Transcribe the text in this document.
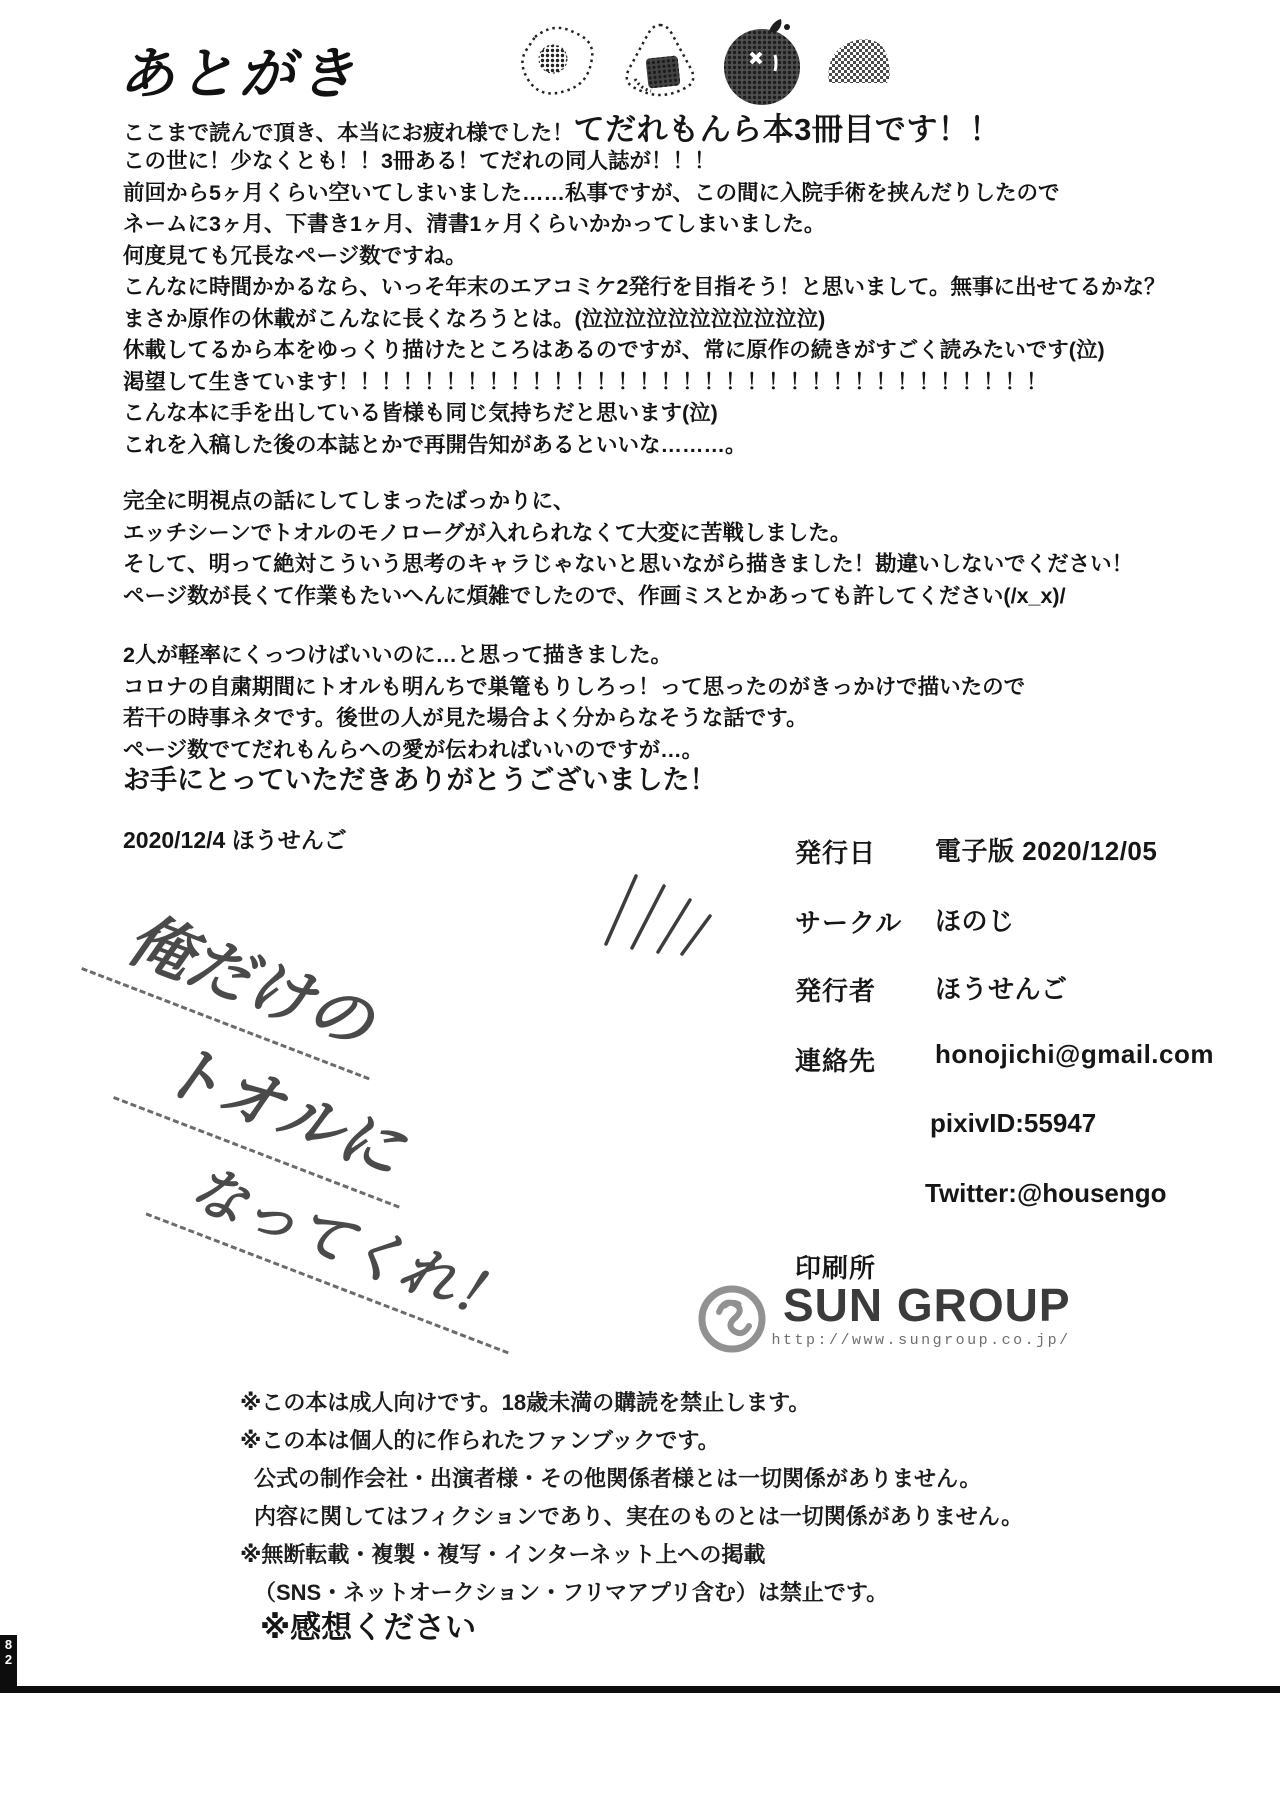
あとがき
ここまで読んで頂き、本当にお疲れ様でした！ てだれもんら本3冊目です！！
この世に！少なくとも！！3冊ある！てだれの同人誌が！！！
前回から5ヶ月くらい空いてしまいました……私事ですが、この間に入院手術を挟んだりしたので
ネームに3ヶ月、下書き1ヶ月、清書1ヶ月くらいかかってしまいました。
何度見ても冗長なページ数ですね。
こんなに時間かかるなら、いっそ年末のエアコミケ2発行を目指そう！と思いまして。無事に出せてるかな？
まさか原作の休載がこんなに長くなろうとは。(泣泣泣泣泣泣泣泣泣泣泣)
休載してるから本をゆっくり描けたところはあるのですが、常に原作の続きがすごく読みたいです(泣)
渇望して生きています！！！！！！！！！！！！！！！！！！！！！！！！！！！！！！！！！
こんな本に手を出している皆様も同じ気持ちだと思います(泣)
これを入稿した後の本誌とかで再開告知があるといいな………。
完全に明視点の話にしてしまったばっかりに、
エッチシーンでトオルのモノローグが入れられなくて大変に苦戦しました。
そして、明って絶対こういう思考のキャラじゃないと思いながら描きました！勘違いしないでください！
ページ数が長くて作業もたいへんに煩雑でしたので、作画ミスとかあっても許してください(/x_x)/
2人が軽率にくっつけばいいのに…と思って描きました。
コロナの自粛期間にトオルも明んちで巣篭もりしろっ！って思ったのがきっかけで描いたので
若干の時事ネタです。後世の人が見た場合よく分からなそうな話です。
ページ数でてだれもんらへの愛が伝わればいいのですが…。
お手にとっていただきありがとうございました！
2020/12/4 ほうせんご
俺だけの
トオルに
なってくれ！
発行日 電子版 2020/12/05
サークル ほのじ
発行者 ほうせんご
連絡先 honojichi@gmail.com
pixivID:55947
Twitter:@housengo
印刷所
SUN GROUP
http://www.sungroup.co.jp/
※この本は成人向けです。18歳未満の購読を禁止します。
※この本は個人的に作られたファンブックです。
公式の制作会社・出演者様・その他関係者様とは一切関係がありません。
内容に関してはフィクションであり、実在のものとは一切関係がありません。
※無断転載・複製・複写・インターネット上への掲載
（SNS・ネットオークション・フリマアプリ含む）は禁止です。
※感想ください
8
2
